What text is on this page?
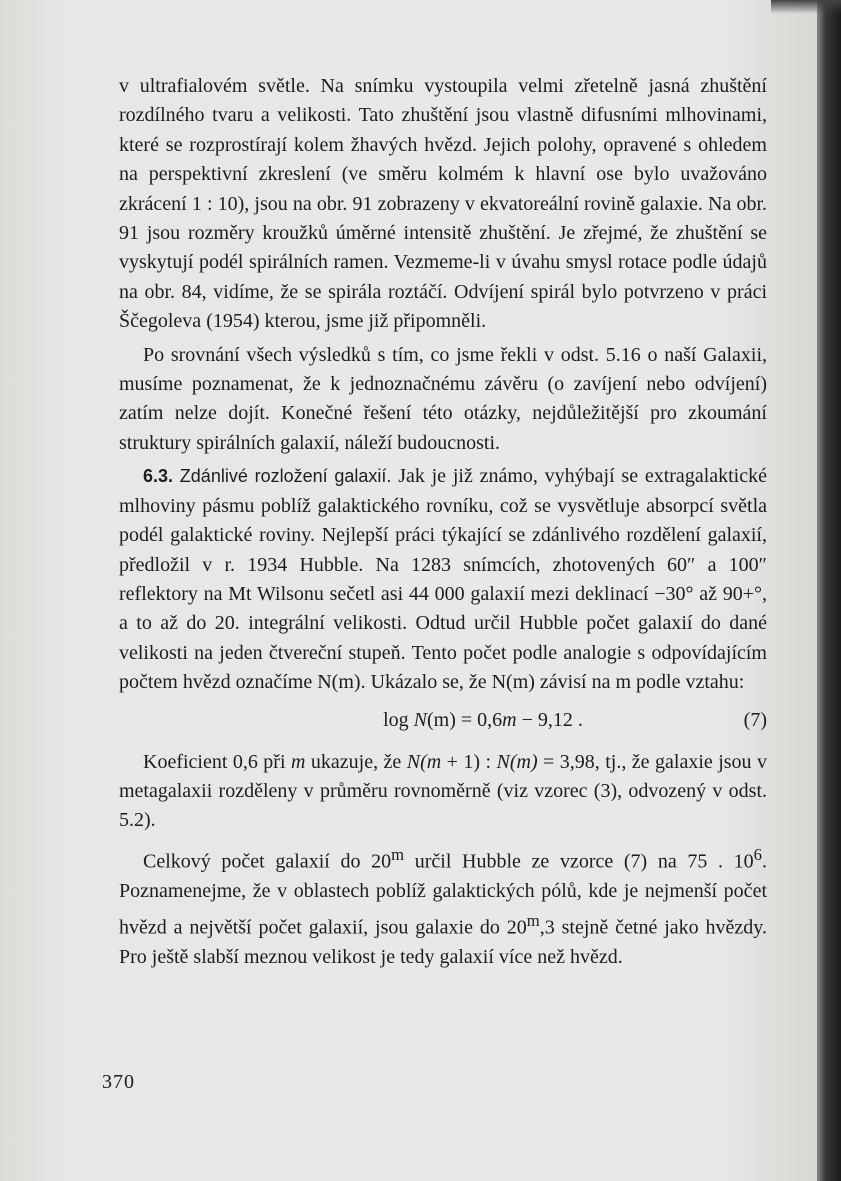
v ultrafialovém světle. Na snímku vystoupila velmi zřetelně jasná zhuštění rozdílného tvaru a velikosti. Tato zhuštění jsou vlastně difusními mlhovinami, které se rozprostírají kolem žhavých hvězd. Jejich polohy, opravené s ohledem na perspektivní zkreslení (ve směru kolmém k hlavní ose bylo uvažováno zkrácení 1 : 10), jsou na obr. 91 zobrazeny v ekvatoreální rovině galaxie. Na obr. 91 jsou rozměry kroužků úměrné intensitě zhuštění. Je zřejmé, že zhuštění se vyskytují podél spirálních ramen. Vezmeme-li v úvahu smysl rotace podle údajů na obr. 84, vidíme, že se spirála roztáčí. Odvíjení spirál bylo potvrzeno v práci Ščegoleva (1954) kterou, jsme již připomněli.

Po srovnání všech výsledků s tím, co jsme řekli v odst. 5.16 o naší Galaxii, musíme poznamenat, že k jednoznačnému závěru (o zavíjení nebo odvíjení) zatím nelze dojít. Konečné řešení této otázky, nejdůležitější pro zkoumání struktury spirálních galaxií, náleží budoucnosti.

6.3. Zdánlivé rozložení galaxií. Jak je již známo, vyhýbají se extragalaktické mlhoviny pásmu poblíž galaktického rovníku, což se vysvětluje absorpcí světla podél galaktické roviny. Nejlepší práci týkající se zdánlivého rozdělení galaxií, předložil v r. 1934 Hubble. Na 1283 snímcích, zhotovených 60″ a 100″ reflektory na Mt Wilsonu sečetl asi 44 000 galaxií mezi deklinací −30° až 90+°, a to až do 20. integrální velikosti. Odtud určil Hubble počet galaxií do dané velikosti na jeden čtvereční stupeň. Tento počet podle analogie s odpovídajícím počtem hvězd označíme N(m). Ukázalo se, že N(m) závisí na m podle vztahu:

log N(m) = 0,6m − 9,12 .	(7)

Koeficient 0,6 při m ukazuje, že N(m + 1) : N(m) = 3,98, tj., že galaxie jsou v metagalaxii rozděleny v průměru rovnoměrně (viz vzorec (3), odvozený v odst. 5.2).

Celkový počet galaxií do 20$^m$ určil Hubble ze vzorce (7) na 75 . $10^6$. Poznamenejme, že v oblastech poblíž galaktických pólů, kde je nejmenší počet hvězd a největší počet galaxií, jsou galaxie do 20$^m$,3 stejně četné jako hvězdy. Pro ještě slabší meznou velikost je tedy galaxií více než hvězd.

370
